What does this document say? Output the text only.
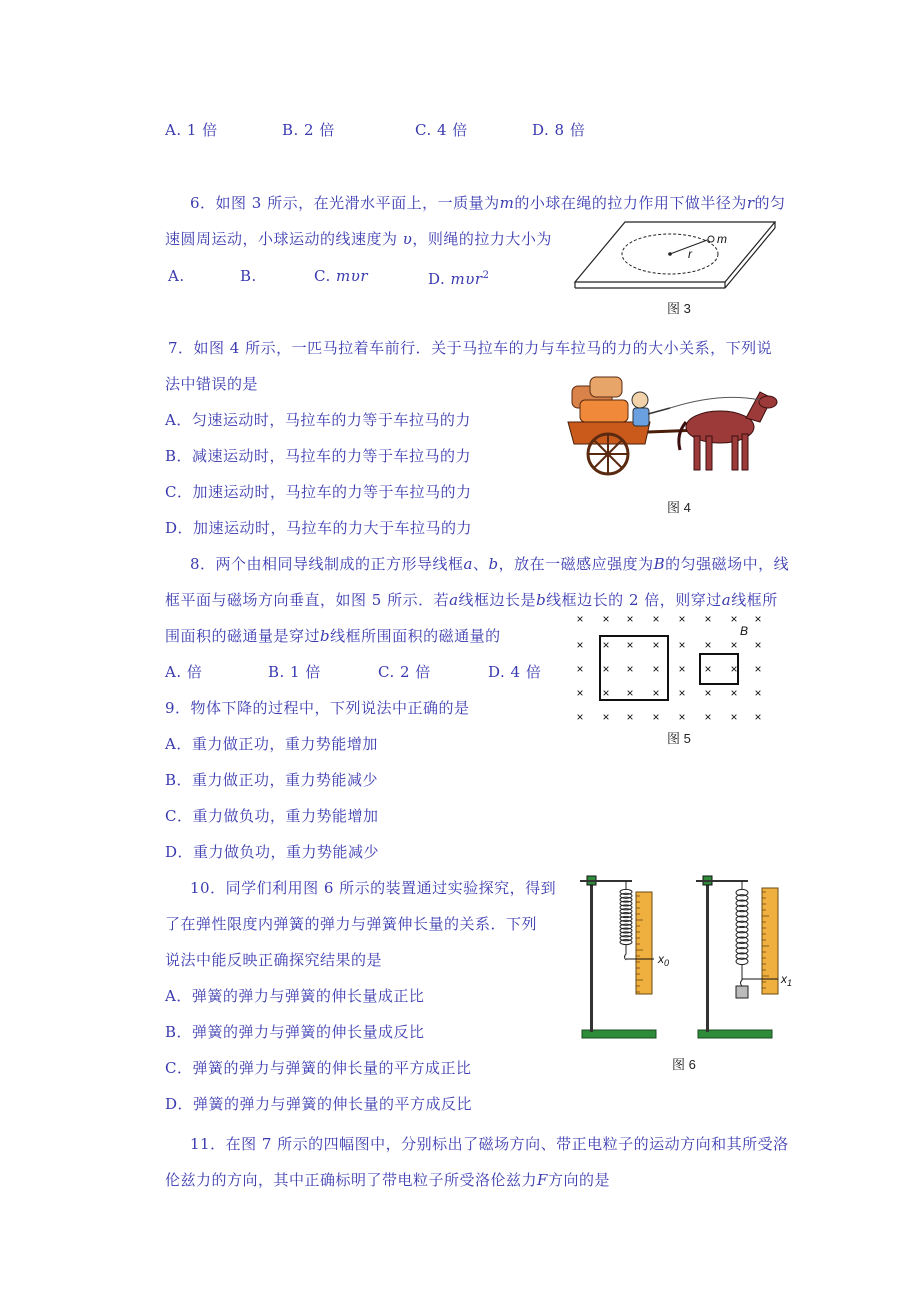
A. 1 倍	B. 2 倍	C. 4 倍	D. 8 倍
6．如图 3 所示，在光滑水平面上，一质量为m的小球在绳的拉力作用下做半径为r的匀
速圆周运动，小球运动的线速度为 υ，则绳的拉力大小为
A.	B.	C. mυr	D. mυr$^2$
m
r
图 3
7．如图 4 所示，一匹马拉着车前行．关于马拉车的力与车拉马的力的大小关系，下列说
法中错误的是
A．匀速运动时，马拉车的力等于车拉马的力
B．减速运动时，马拉车的力等于车拉马的力
C．加速运动时，马拉车的力等于车拉马的力
D．加速运动时，马拉车的力大于车拉马的力
图 4
8．两个由相同导线制成的正方形导线框a、b，放在一磁感应强度为B的匀强磁场中，线
框平面与磁场方向垂直，如图 5 所示．若a线框边长是b线框边长的 2 倍，则穿过a线框所
围面积的磁通量是穿过b线框所围面积的磁通量的
A. 倍	B. 1 倍	C. 2 倍	D. 4 倍
B
×
×
×
×
×
×
×
×
×
×
×
×
×
×
×
×
×
×
×
×
×
×
×
×
×
×
×
×
×
×
×
×
×
×
×
×
×
×
×
×
图 5
9．物体下降的过程中，下列说法中正确的是
A．重力做正功，重力势能增加
B．重力做正功，重力势能减少
C．重力做负功，重力势能增加
D．重力做负功，重力势能减少
10．同学们利用图 6 所示的装置通过实验探究，得到
了在弹性限度内弹簧的弹力与弹簧伸长量的关系．下列
说法中能反映正确探究结果的是
A．弹簧的弹力与弹簧的伸长量成正比
B．弹簧的弹力与弹簧的伸长量成反比
C．弹簧的弹力与弹簧的伸长量的平方成正比
D．弹簧的弹力与弹簧的伸长量的平方成反比
$x_0$
$x_1$
图 6
11．在图 7 所示的四幅图中，分别标出了磁场方向、带正电粒子的运动方向和其所受洛
伦兹力的方向，其中正确标明了带电粒子所受洛伦兹力F方向的是
